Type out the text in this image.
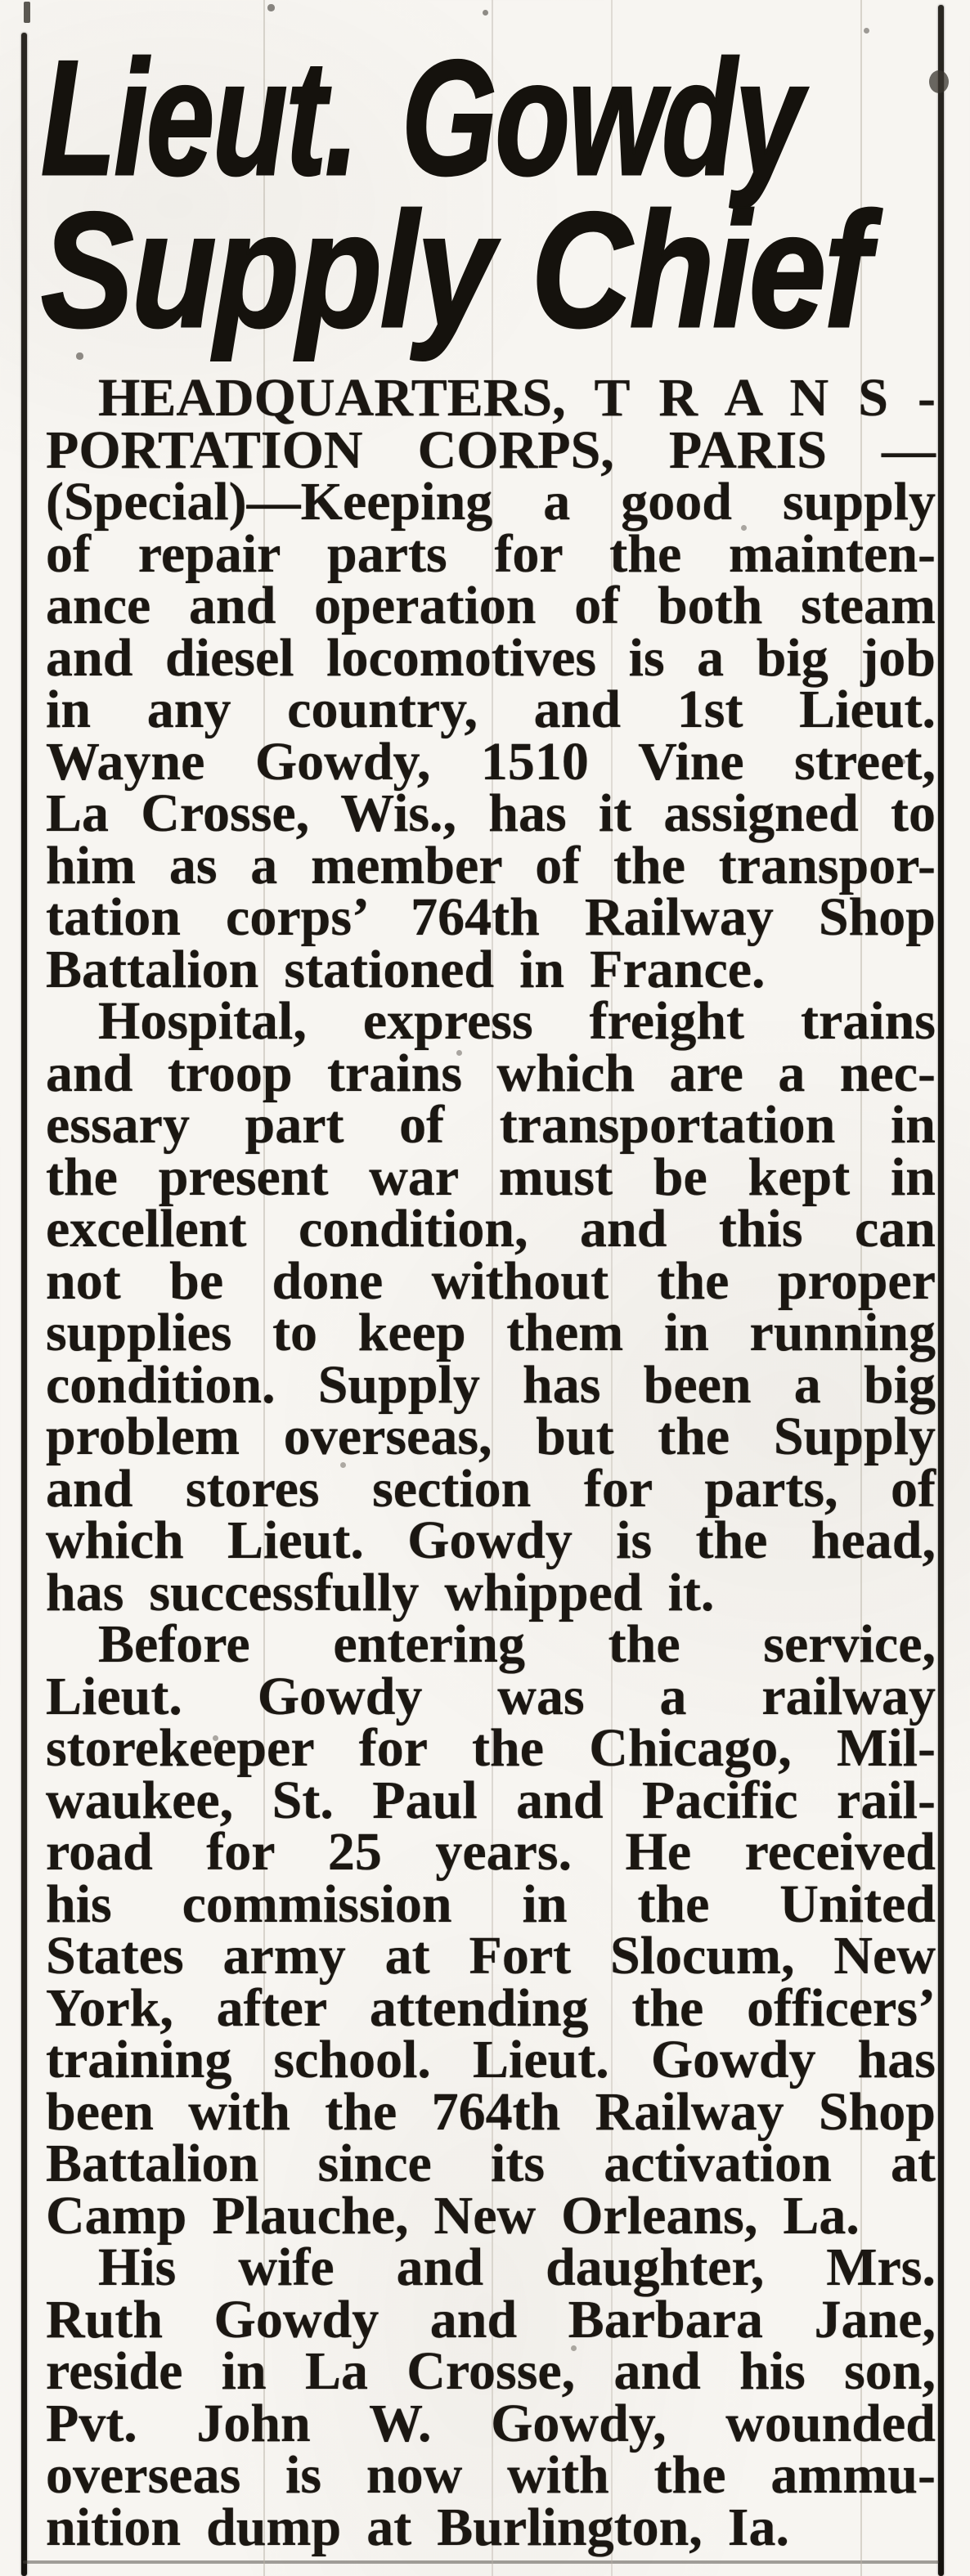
Lieut. Gowdy
Supply Chief
HEADQUARTERS, T R A N S -
PORTATION CORPS, PARIS —
(Special)—Keeping a good supply
of repair parts for the mainten-
ance and operation of both steam
and diesel locomotives is a big job
in any country, and 1st Lieut.
Wayne Gowdy, 1510 Vine street,
La Crosse, Wis., has it assigned to
him as a member of the transpor-
tation corps’ 764th Railway Shop
Battalion stationed in France.
Hospital, express freight trains
and troop trains which are a nec-
essary part of transportation in
the present war must be kept in
excellent condition, and this can
not be done without the proper
supplies to keep them in running
condition. Supply has been a big
problem overseas, but the Supply
and stores section for parts, of
which Lieut. Gowdy is the head,
has successfully whipped it.
Before entering the service,
Lieut. Gowdy was a railway
storekeeper for the Chicago, Mil-
waukee, St. Paul and Pacific rail-
road for 25 years. He received
his commission in the United
States army at Fort Slocum, New
York, after attending the officers’
training school. Lieut. Gowdy has
been with the 764th Railway Shop
Battalion since its activation at
Camp Plauche, New Orleans, La.
His wife and daughter, Mrs.
Ruth Gowdy and Barbara Jane,
reside in La Crosse, and his son,
Pvt. John W. Gowdy, wounded
overseas is now with the ammu-
nition dump at Burlington, Ia.
